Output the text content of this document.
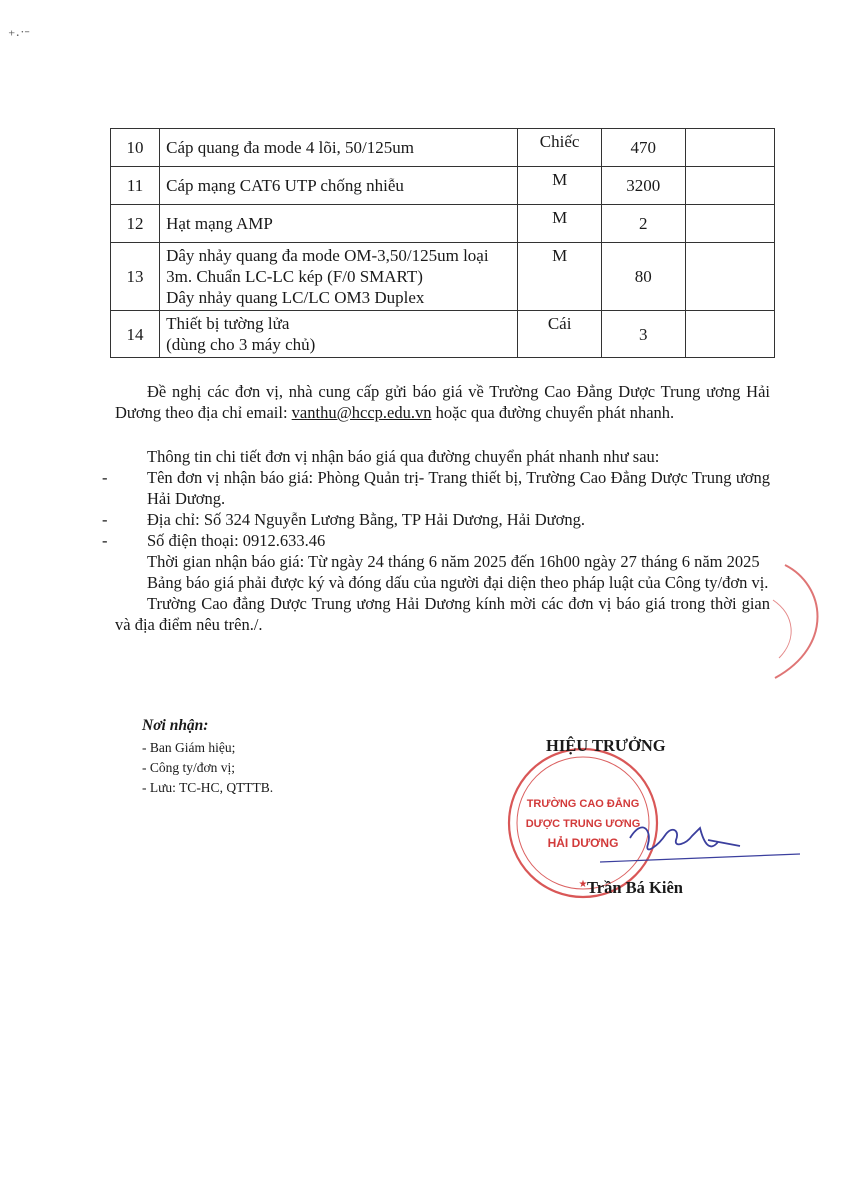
⁺·˙ˉ
10	Cáp quang đa mode 4 lõi, 50/125um	Chiếc	470	
11	Cáp mạng CAT6 UTP chống nhiễu	M	3200	
12	Hạt mạng AMP	M	2	
13	Dây nhảy quang đa mode OM-3,50/125um loại
3m. Chuẩn LC-LC kép (F/0 SMART)
Dây nhảy quang LC/LC OM3 Duplex	M	80	
14	Thiết bị tường lửa
(dùng cho 3 máy chủ)	Cái	3	

Đề nghị các đơn vị, nhà cung cấp gửi báo giá về Trường Cao Đẳng Dược Trung ương Hải Dương theo địa chỉ email: vanthu@hccp.edu.vn hoặc qua đường chuyển phát nhanh.

Thông tin chi tiết đơn vị nhận báo giá qua đường chuyển phát nhanh như sau:

- Tên đơn vị nhận báo giá: Phòng Quản trị- Trang thiết bị, Trường Cao Đẳng Dược Trung ương Hải Dương.

- Địa chỉ: Số 324 Nguyễn Lương Bằng, TP Hải Dương, Hải Dương.

- Số điện thoại: 0912.633.46

Thời gian nhận báo giá: Từ ngày 24 tháng 6 năm 2025 đến 16h00 ngày 27 tháng 6 năm 2025

Bảng báo giá phải được ký và đóng dấu của người đại diện theo pháp luật của Công ty/đơn vị.

Trường Cao đẳng Dược Trung ương Hải Dương kính mời các đơn vị báo giá trong thời gian và địa điểm nêu trên./.

Nơi nhận:
- Ban Giám hiệu;
- Công ty/đơn vị;
- Lưu: TC-HC, QTTTB.
TRƯỜNG CAO ĐẲNG
DƯỢC TRUNG ƯƠNG
HẢI DƯƠNG
★
HIỆU TRƯỞNG
Trần Bá Kiên
